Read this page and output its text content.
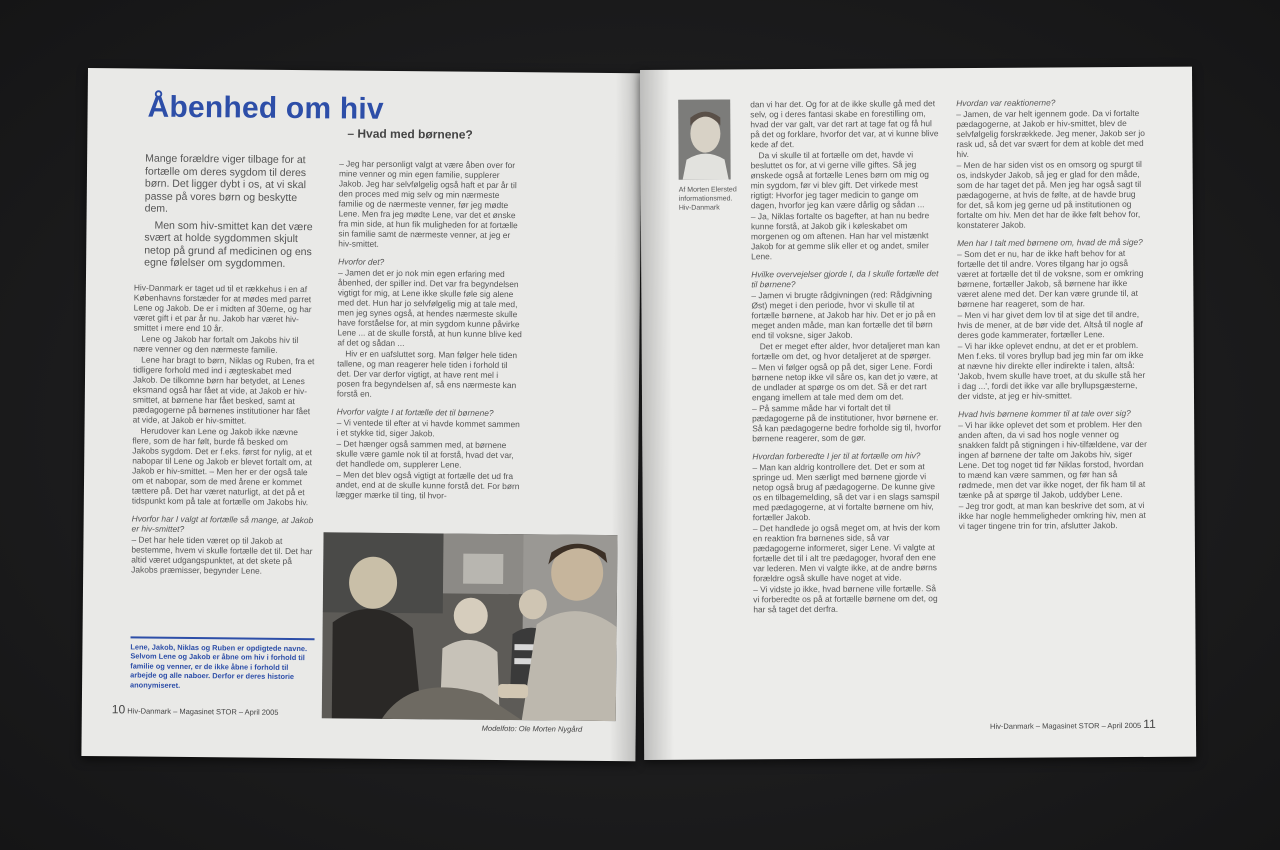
Åbenhed om hiv
– Hvad med børnene?

Mange forældre viger tilbage for at fortælle om deres sygdom til deres børn. Det ligger dybt i os, at vi skal passe på vores børn og beskytte dem.

Men som hiv-smittet kan det være svært at holde sygdommen skjult netop på grund af medicinen og ens egne følelser om sygdommen.

Hiv-Danmark er taget ud til et rækkehus i en af Københavns forstæder for at mødes med parret Lene og Jakob. De er i midten af 30erne, og har været gift i et par år nu. Jakob har været hiv-smittet i mere end 10 år.

Lene og Jakob har fortalt om Jakobs hiv til nære venner og den nærmeste familie.

Lene har bragt to børn, Niklas og Ruben, fra et tidligere forhold med ind i ægteskabet med Jakob. De tilkomne børn har betydet, at Lenes eksmand også har fået at vide, at Jakob er hiv-smittet, at børnene har fået besked, samt at pædagogerne på børnenes institutioner har fået at vide, at Jakob er hiv-smittet.

Herudover kan Lene og Jakob ikke nævne flere, som de har følt, burde få besked om Jakobs sygdom. Det er f.eks. først for nylig, at et nabopar til Lene og Jakob er blevet fortalt om, at Jakob er hiv-smittet. – Men her er der også tale om et nabopar, som de med årene er kommet tættere på. Det har været naturligt, at det på et tidspunkt kom på tale at fortælle om Jakobs hiv.

Hvorfor har I valgt at fortælle så mange, at Jakob er hiv-smittet?

– Det har hele tiden været op til Jakob at bestemme, hvem vi skulle fortælle det til. Det har altid været udgangspunktet, at det skete på Jakobs præmisser, begynder Lene.

– Jeg har personligt valgt at være åben over for mine venner og min egen familie, supplerer Jakob. Jeg har selvfølgelig også haft et par år til den proces med mig selv og min nærmeste familie og de nærmeste venner, før jeg mødte Lene. Men fra jeg mødte Lene, var det et ønske fra min side, at hun fik muligheden for at fortælle sin familie samt de nærmeste venner, at jeg er hiv-smittet.

Hvorfor det?

– Jamen det er jo nok min egen erfaring med åbenhed, der spiller ind. Det var fra begyndelsen vigtigt for mig, at Lene ikke skulle føle sig alene med det. Hun har jo selvfølgelig mig at tale med, men jeg synes også, at hendes nærmeste skulle have forståelse for, at min sygdom kunne påvirke Lene ... at de skulle forstå, at hun kunne blive ked af det og sådan ...

Hiv er en uafsluttet sorg. Man følger hele tiden tallene, og man reagerer hele tiden i forhold til det. Der var derfor vigtigt, at have rent mel i posen fra begyndelsen af, så ens nærmeste kan forstå en.

Hvorfor valgte I at fortælle det til børnene?

– Vi ventede til efter at vi havde kommet sammen i et stykke tid, siger Jakob.

– Det hænger også sammen med, at børnene skulle være gamle nok til at forstå, hvad det var, det handlede om, supplerer Lene.

– Men det blev også vigtigt at fortælle det ud fra andet, end at de skulle kunne forstå det. For børn lægger mærke til ting, til hvor-

Lene, Jakob, Niklas og Ruben er opdigtede navne. Selvom Lene og Jakob er åbne om hiv i forhold til familie og venner, er de ikke åbne i forhold til arbejde og alle naboer. Derfor er deres historie anonymiseret.
Modelfoto: Ole Morten Nygård
10 Hiv-Danmark – Magasinet STOR – April 2005
Af Morten Elersted informationsmed. Hiv-Danmark

dan vi har det. Og for at de ikke skulle gå med det selv, og i deres fantasi skabe en forestilling om, hvad der var galt, var det rart at tage fat og få hul på det og forklare, hvorfor det var, at vi kunne blive kede af det.

Da vi skulle til at fortælle om det, havde vi besluttet os for, at vi gerne ville giftes. Så jeg ønskede også at fortælle Lenes børn om mig og min sygdom, før vi blev gift. Det virkede mest rigtigt: Hvorfor jeg tager medicin to gange om dagen, hvorfor jeg kan være dårlig og sådan ...

– Ja, Niklas fortalte os bagefter, at han nu bedre kunne forstå, at Jakob gik i køleskabet om morgenen og om aftenen. Han har vel mistænkt Jakob for at gemme slik eller et og andet, smiler Lene.

Hvilke overvejelser gjorde I, da I skulle fortælle det til børnene?

– Jamen vi brugte rådgivningen (red: Rådgivning Øst) meget i den periode, hvor vi skulle til at fortælle børnene, at Jakob har hiv. Det er jo på en meget anden måde, man kan fortælle det til børn end til voksne, siger Jakob.

Det er meget efter alder, hvor detaljeret man kan fortælle om det, og hvor detaljeret at de spørger.

– Men vi følger også op på det, siger Lene. Fordi børnene netop ikke vil såre os, kan det jo være, at de undlader at spørge os om det. Så er det rart engang imellem at tale med dem om det.

– På samme måde har vi fortalt det til pædagogerne på de institutioner, hvor børnene er. Så kan pædagogerne bedre forholde sig til, hvorfor børnene reagerer, som de gør.

Hvordan forberedte I jer til at fortælle om hiv?

– Man kan aldrig kontrollere det. Det er som at springe ud. Men særligt med børnene gjorde vi netop også brug af pædagogerne. De kunne give os en tilbagemelding, så det var i en slags samspil med pædagogerne, at vi fortalte børnene om hiv, fortæller Jakob.

– Det handlede jo også meget om, at hvis der kom en reaktion fra børnenes side, så var pædagogerne informeret, siger Lene. Vi valgte at fortælle det til i alt tre pædagoger, hvoraf den ene var lederen. Men vi valgte ikke, at de andre børns forældre også skulle have noget at vide.

– Vi vidste jo ikke, hvad børnene ville fortælle. Så vi forberedte os på at fortælle børnene om det, og har så taget det derfra.

Hvordan var reaktionerne?

– Jamen, de var helt igennem gode. Da vi fortalte pædagogerne, at Jakob er hiv-smittet, blev de selvfølgelig forskrækkede. Jeg mener, Jakob ser jo rask ud, så det var svært for dem at koble det med hiv.

– Men de har siden vist os en omsorg og spurgt til os, indskyder Jakob, så jeg er glad for den måde, som de har taget det på. Men jeg har også sagt til pædagogerne, at hvis de følte, at de havde brug for det, så kom jeg gerne ud på institutionen og fortalte om hiv. Men det har de ikke følt behov for, konstaterer Jakob.

Men har I talt med børnene om, hvad de må sige?

– Som det er nu, har de ikke haft behov for at fortælle det til andre. Vores tilgang har jo også været at fortælle det til de voksne, som er omkring børnene, fortæller Jakob, så børnene har ikke været alene med det. Der kan være grunde til, at børnene har reageret, som de har.

– Men vi har givet dem lov til at sige det til andre, hvis de mener, at de bør vide det. Altså til nogle af deres gode kammerater, fortæller Lene.

– Vi har ikke oplevet endnu, at det er et problem. Men f.eks. til vores bryllup bad jeg min far om ikke at nævne hiv direkte eller indirekte i talen, altså: 'Jakob, hvem skulle have troet, at du skulle stå her i dag ...', fordi det ikke var alle bryllupsgæsterne, der vidste, at jeg er hiv-smittet.

Hvad hvis børnene kommer til at tale over sig?

– Vi har ikke oplevet det som et problem. Her den anden aften, da vi sad hos nogle venner og snakken faldt på stigningen i hiv-tilfældene, var der ingen af børnene der talte om Jakobs hiv, siger Lene. Det tog noget tid før Niklas forstod, hvordan to mænd kan være sammen, og før han så rødmede, men det var ikke noget, der fik ham til at tænke på at spørge til Jakob, uddyber Lene.

– Jeg tror godt, at man kan beskrive det som, at vi ikke har nogle hemmeligheder omkring hiv, men at vi tager tingene trin for trin, afslutter Jakob.

Hiv-Danmark – Magasinet STOR – April 2005 11
